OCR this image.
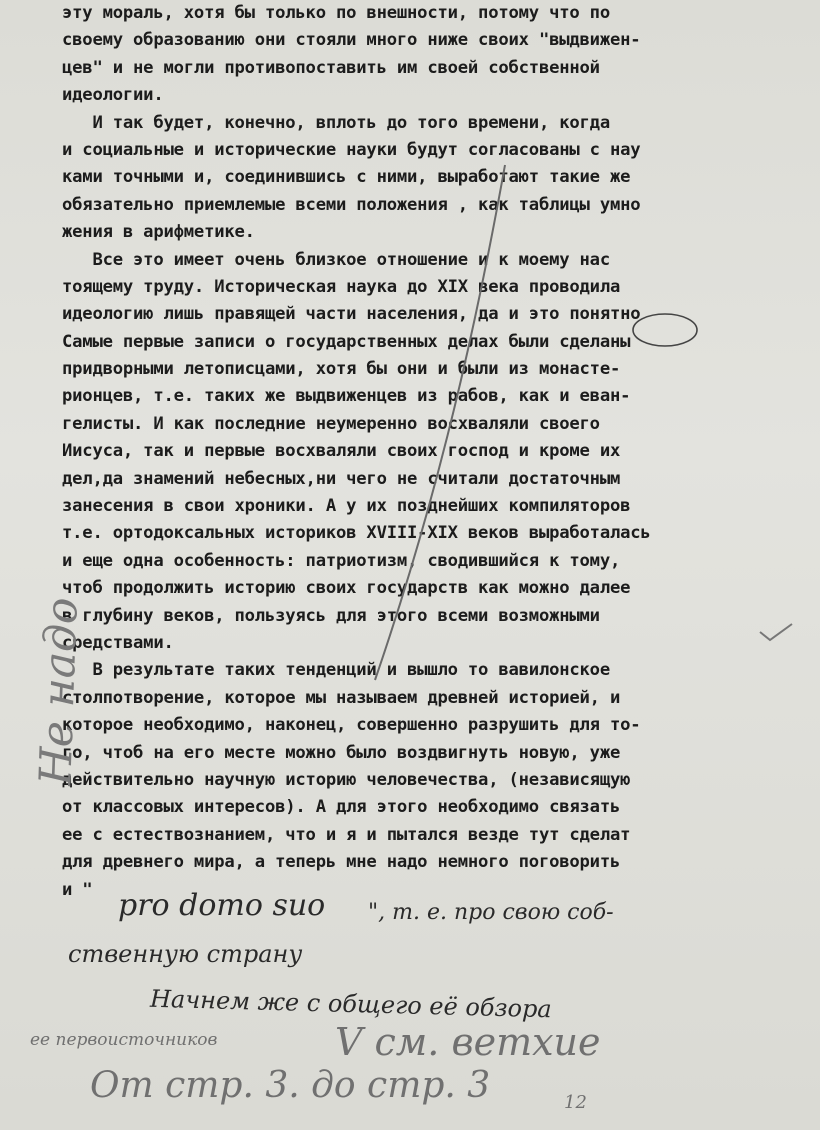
эту мораль, хотя бы только по внешности, потому что по
своему образованию они стояли много ниже своих "выдвижен-
цев" и не могли противопоставить им своей собственной
идеологии.
И так будет, конечно, вплоть до того времени, когда
и социальные и исторические науки будут согласованы с нау
ками точными и, соединившись с ними, выработают такие же
обязательно приемлемые всеми положения , как таблицы умно
жения в арифметике.
Все это имеет очень близкое отношение и к моему нас
тоящему труду. Историческая наука до XIX века проводила
идеологию лишь правящей части населения, да и это понятно
Самые первые записи о государственных делах были сделаны
придворными летописцами, хотя бы они и были из монасте-
рионцев, т.е. таких же выдвиженцев из рабов, как и еван-
гелисты. И как последние неумеренно восхваляли своего
Иисуса, так и первые восхваляли своих господ и кроме их
дел,да знамений небесных,ни чего не считали достаточным
занесения в свои хроники. А у их позднейших компиляторов
т.е. ортодоксальных историков XVIII-XIX веков выработалась
и еще одна особенность: патриотизм, сводившийся к тому,
чтоб продолжить историю своих государств как можно далее
в глубину веков, пользуясь для этого всеми возможными
средствами.
В результате таких тенденций и вышло то вавилонское
столпотворение, которое мы называем древней историей, и
которое необходимо, наконец, совершенно разрушить для то-
го, чтоб на его месте можно было воздвигнуть новую, уже
действительно научную историю человечества, (независящую
от классовых интересов). А для этого необходимо связать
ее с естествознанием, что и я и пытался везде тут сделат
для древнего мира, а теперь мне надо немного поговорить
и " pro domo suo ", т. е. про свою соб-
ственную страну
Начнем же с общего её обзора
ее первоисточников	V см. ветхие
От стр. 3. до стр. 3	12
Не надо
